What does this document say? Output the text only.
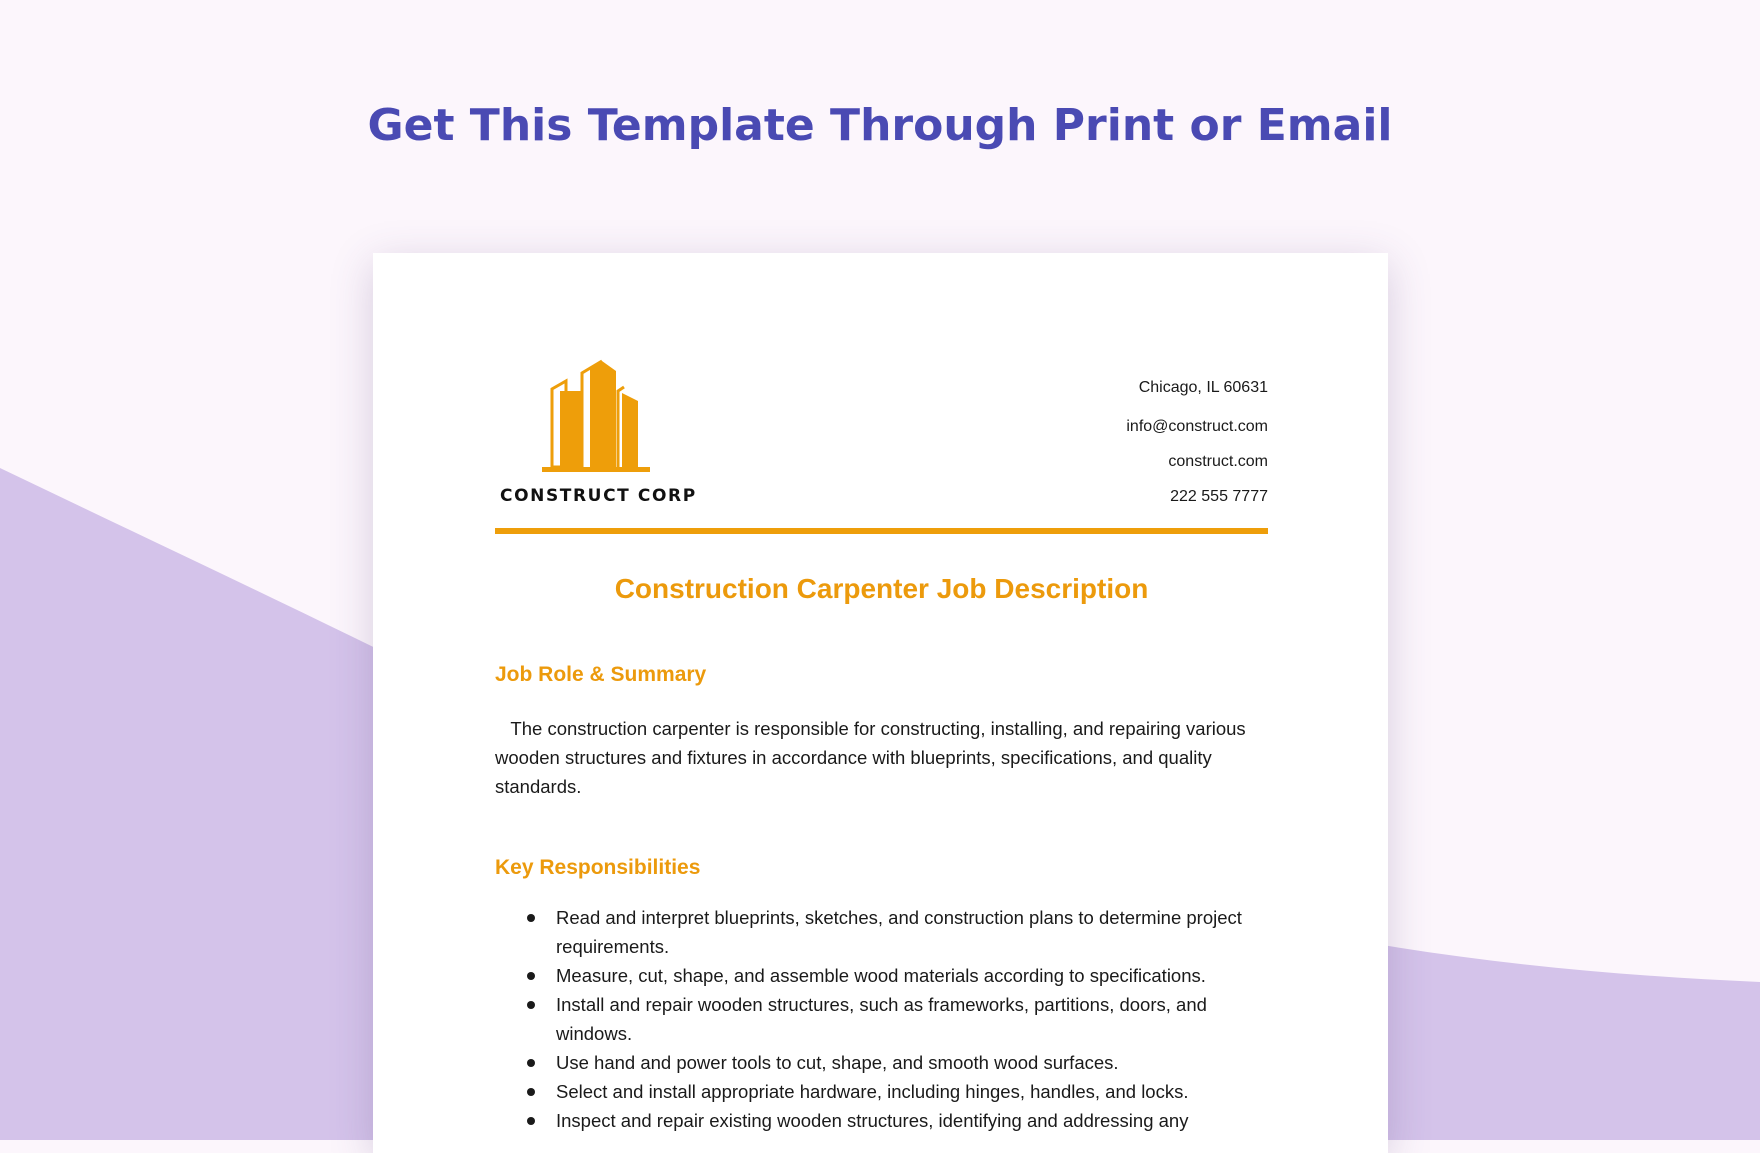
Get This Template Through Print or Email
CONSTRUCT CORP
Chicago, IL 60631
info@construct.com
construct.com
222 555 7777
Construction Carpenter Job Description
Job Role & Summary

The construction carpenter is responsible for constructing, installing, and repairing various wooden structures and fixtures in accordance with blueprints, specifications, and quality standards.

Key Responsibilities
Read and interpret blueprints, sketches, and construction plans to determine project requirements.
Measure, cut, shape, and assemble wood materials according to specifications.
Install and repair wooden structures, such as frameworks, partitions, doors, and windows.
Use hand and power tools to cut, shape, and smooth wood surfaces.
Select and install appropriate hardware, including hinges, handles, and locks.
Inspect and repair existing wooden structures, identifying and addressing any
